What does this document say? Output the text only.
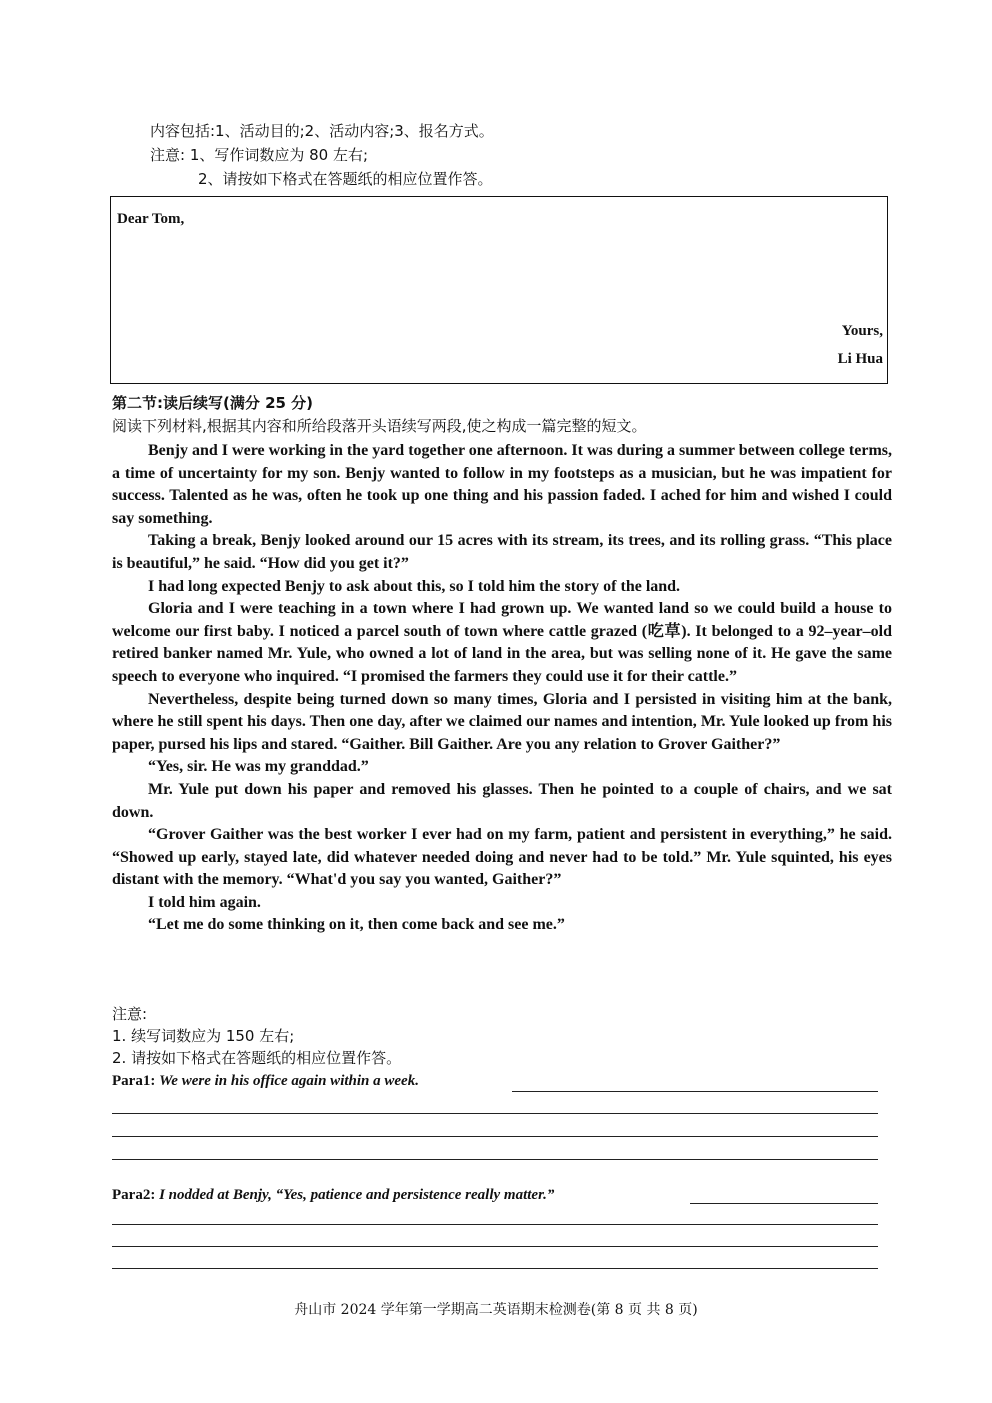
内容包括:1、活动目的;2、活动内容;3、报名方式。
注意: 1、写作词数应为 80 左右;
2、请按如下格式在答题纸的相应位置作答。
Dear Tom,
Yours,
Li Hua
第二节:读后续写(满分 25 分)
阅读下列材料,根据其内容和所给段落开头语续写两段,使之构成一篇完整的短文。

Benjy and I were working in the yard together one afternoon. It was during a summer between college terms, a time of uncertainty for my son. Benjy wanted to follow in my footsteps as a musician, but he was impatient for success. Talented as he was, often he took up one thing and his passion faded. I ached for him and wished I could say something.

Taking a break, Benjy looked around our 15 acres with its stream, its trees, and its rolling grass. “This place is beautiful,” he said. “How did you get it?”

I had long expected Benjy to ask about this, so I told him the story of the land.

Gloria and I were teaching in a town where I had grown up. We wanted land so we could build a house to welcome our first baby. I noticed a parcel south of town where cattle grazed (吃草). It belonged to a 92–year–old retired banker named Mr. Yule, who owned a lot of land in the area, but was selling none of it. He gave the same speech to everyone who inquired. “I promised the farmers they could use it for their cattle.”

Nevertheless, despite being turned down so many times, Gloria and I persisted in visiting him at the bank, where he still spent his days. Then one day, after we claimed our names and intention, Mr. Yule looked up from his paper, pursed his lips and stared. “Gaither. Bill Gaither. Are you any relation to Grover Gaither?”

“Yes, sir. He was my granddad.”

Mr. Yule put down his paper and removed his glasses. Then he pointed to a couple of chairs, and we sat down.

“Grover Gaither was the best worker I ever had on my farm, patient and persistent in everything,” he said. “Showed up early, stayed late, did whatever needed doing and never had to be told.” Mr. Yule squinted, his eyes distant with the memory. “What'd you say you wanted, Gaither?”

I told him again.

“Let me do some thinking on it, then come back and see me.”

注意:
1. 续写词数应为 150 左右;
2. 请按如下格式在答题纸的相应位置作答。
Para1: We were in his office again within a week.
Para2: I nodded at Benjy, “Yes, patience and persistence really matter.”
舟山市 2024 学年第一学期高二英语期末检测卷(第 8 页 共 8 页)
